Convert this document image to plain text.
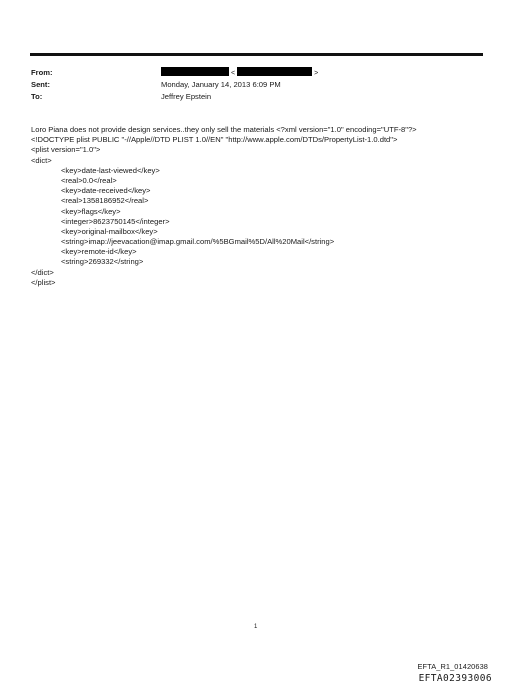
From:	<	>
Sent:	Monday, January 14, 2013 6:09 PM
To:	Jeffrey Epstein
Loro Piana does not provide design services..they only sell the materials <?xml version="1.0" encoding="UTF-8"?>
<!DOCTYPE plist PUBLIC "-//Apple//DTD PLIST 1.0//EN" "http://www.apple.com/DTDs/PropertyList-1.0.dtd">
<plist version="1.0">
<dict>
<key>date-last-viewed</key>
<real>0.0</real>
<key>date-received</key>
<real>1358186952</real>
<key>flags</key>
<integer>8623750145</integer>
<key>original-mailbox</key>
<string>imap://jeevacation@imap.gmail.com/%5BGmail%5D/All%20Mail</string>
<key>remote-id</key>
<string>269332</string>
</dict>
</plist>
1
EFTA_R1_01420638
EFTA02393006
